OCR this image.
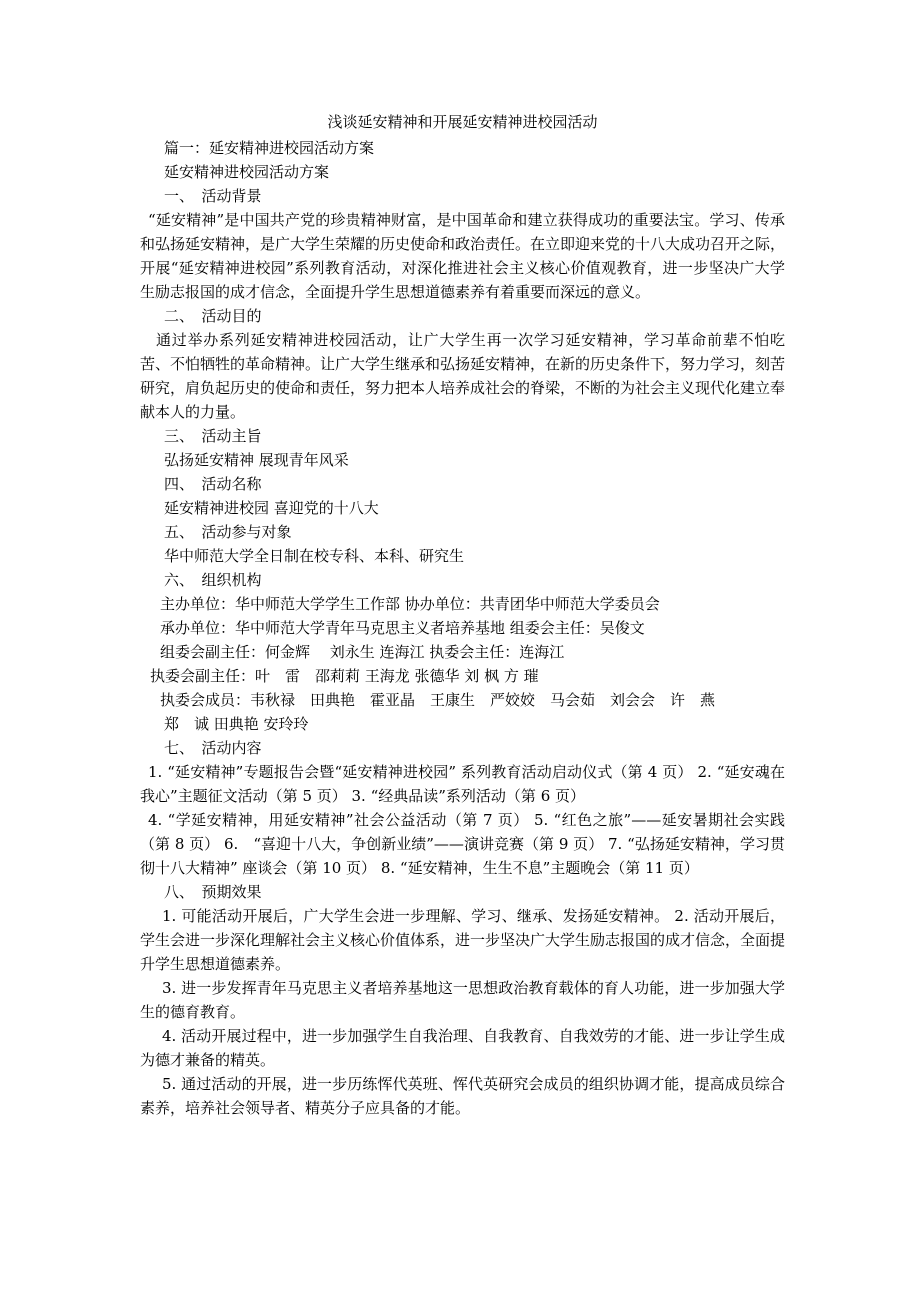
浅谈延安精神和开展延安精神进校园活动

篇一：延安精神进校园活动方案

延安精神进校园活动方案

一、　活动背景

“延安精神”是中国共产党的珍贵精神财富，是中国革命和建立获得成功的重要法宝。学习、传承和弘扬延安精神，是广大学生荣耀的历史使命和政治责任。在立即迎来党的十八大成功召开之际，开展“延安精神进校园”系列教育活动，对深化推进社会主义核心价值观教育，进一步坚决广大学生励志报国的成才信念，全面提升学生思想道德素养有着重要而深远的意义。

二、　活动目的

通过举办系列延安精神进校园活动，让广大学生再一次学习延安精神，学习革命前辈不怕吃苦、不怕牺牲的革命精神。让广大学生继承和弘扬延安精神，在新的历史条件下，努力学习，刻苦研究，肩负起历史的使命和责任，努力把本人培养成社会的脊梁，不断的为社会主义现代化建立奉献本人的力量。

三、　活动主旨

弘扬延安精神 展现青年风采

四、　活动名称

延安精神进校园 喜迎党的十八大

五、　活动参与对象

华中师范大学全日制在校专科、本科、研究生

六、　组织机构

主办单位：华中师范大学学生工作部 协办单位：共青团华中师范大学委员会

承办单位：华中师范大学青年马克思主义者培养基地 组委会主任：吴俊文

组委会副主任：何金辉　 刘永生 连海江 执委会主任：连海江

执委会副主任：叶　雷　邵莉莉 王海龙 张德华 刘 枫 方 璀

执委会成员：韦秋禄　田典艳　霍亚晶　王康生　严姣姣　马会茹　刘会会　许　燕

郑　诚 田典艳 安玲玲

七、　活动内容

1. “延安精神”专题报告会暨“延安精神进校园” 系列教育活动启动仪式（第 4 页） 2. “延安魂在我心”主题征文活动（第 5 页） 3. “经典品读”系列活动（第 6 页）

4. “学延安精神，用延安精神”社会公益活动（第 7 页） 5. “红色之旅”——延安暑期社会实践（第 8 页） 6.　“喜迎十八大，争创新业绩”——演讲竞赛（第 9 页） 7. “弘扬延安精神，学习贯彻十八大精神” 座谈会（第 10 页） 8. “延安精神，生生不息”主题晚会（第 11 页）

八、　预期效果

1. 可能活动开展后，广大学生会进一步理解、学习、继承、发扬延安精神。 2. 活动开展后，学生会进一步深化理解社会主义核心价值体系，进一步坚决广大学生励志报国的成才信念，全面提升学生思想道德素养。

3. 进一步发挥青年马克思主义者培养基地这一思想政治教育载体的育人功能，进一步加强大学生的德育教育。

4. 活动开展过程中，进一步加强学生自我治理、自我教育、自我效劳的才能、进一步让学生成为德才兼备的精英。

5. 通过活动的开展，进一步历练恽代英班、恽代英研究会成员的组织协调才能，提高成员综合素养，培养社会领导者、精英分子应具备的才能。
